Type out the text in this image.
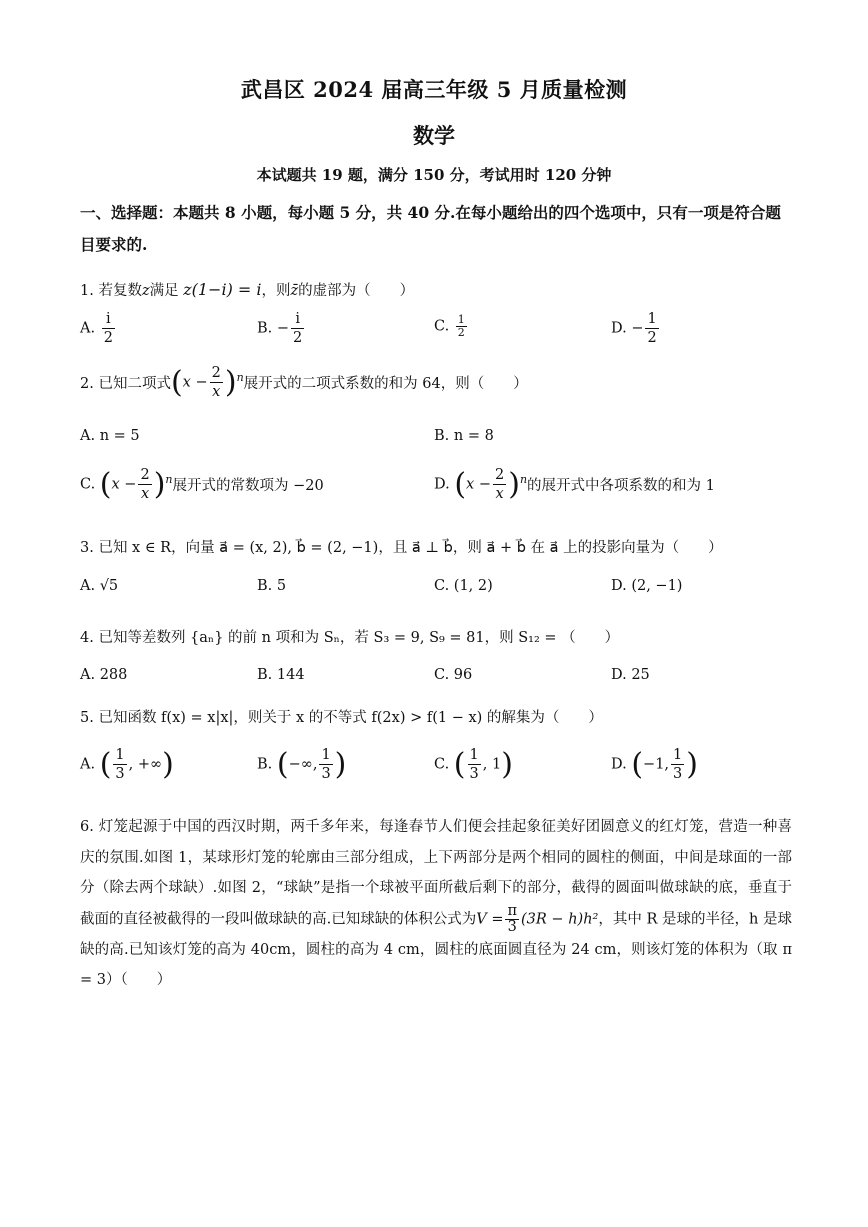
武昌区 2024 届高三年级 5 月质量检测
数学
本试题共 19 题，满分 150 分，考试用时 120 分钟
一、选择题：本题共 8 小题，每小题 5 分，共 40 分.在每小题给出的四个选项中，只有一项是符合题目要求的.
1. 若复数z满足 z(1−i) = i，则z̄的虚部为（　　）
A. $\frac{i}{2}$	B. − $\frac{i}{2}$	C. $\frac{1}{2}$	D. − $\frac{1}{2}$
2. 已知二项式$(x - \frac{2}{x} )^n$展开式的二项式系数的和为 64，则（　　）
A. n = 5	B. n = 8
C. $(x - \frac{2}{x} )^n$展开式的常数项为 −20	D. $(x - \frac{2}{x} )^n$的展开式中各项系数的和为 1
3. 已知 x ∈ R，向量 a⃗ = (x, 2), b⃗ = (2, −1)，且 a⃗ ⊥ b⃗，则 a⃗ + b⃗ 在 a⃗ 上的投影向量为（　　）
A. √5	B. 5	C. (1, 2)	D. (2, −1)
4. 已知等差数列 {aₙ} 的前 n 项和为 Sₙ，若 S₃ = 9, S₉ = 81，则 S₁₂ = （　　）
A. 288	B. 144	C. 96	D. 25
5. 已知函数 f(x) = x|x|，则关于 x 的不等式 f(2x) > f(1 − x) 的解集为（　　）
A. ( $\frac{1}{3}$ , +∞)	B. (−∞, $\frac{1}{3}$ )	C. ( $\frac{1}{3}$ , 1)	D. (−1, $\frac{1}{3}$ )
6. 灯笼起源于中国的西汉时期，两千多年来，每逢春节人们便会挂起象征美好团圆意义的红灯笼，营造一种喜庆的氛围.如图 1，某球形灯笼的轮廓由三部分组成，上下两部分是两个相同的圆柱的侧面，中间是球面的一部分（除去两个球缺）.如图 2，“球缺”是指一个球被平面所截后剩下的部分，截得的圆面叫做球缺的底，垂直于截面的直径被截得的一段叫做球缺的高.已知球缺的体积公式为$V = \frac{\pi}{3} (3R - h)h^2$，其中 R 是球的半径，h 是球缺的高.已知该灯笼的高为 40cm，圆柱的高为 4 cm，圆柱的底面圆直径为 24 cm，则该灯笼的体积为（取 π = 3）（　　）
